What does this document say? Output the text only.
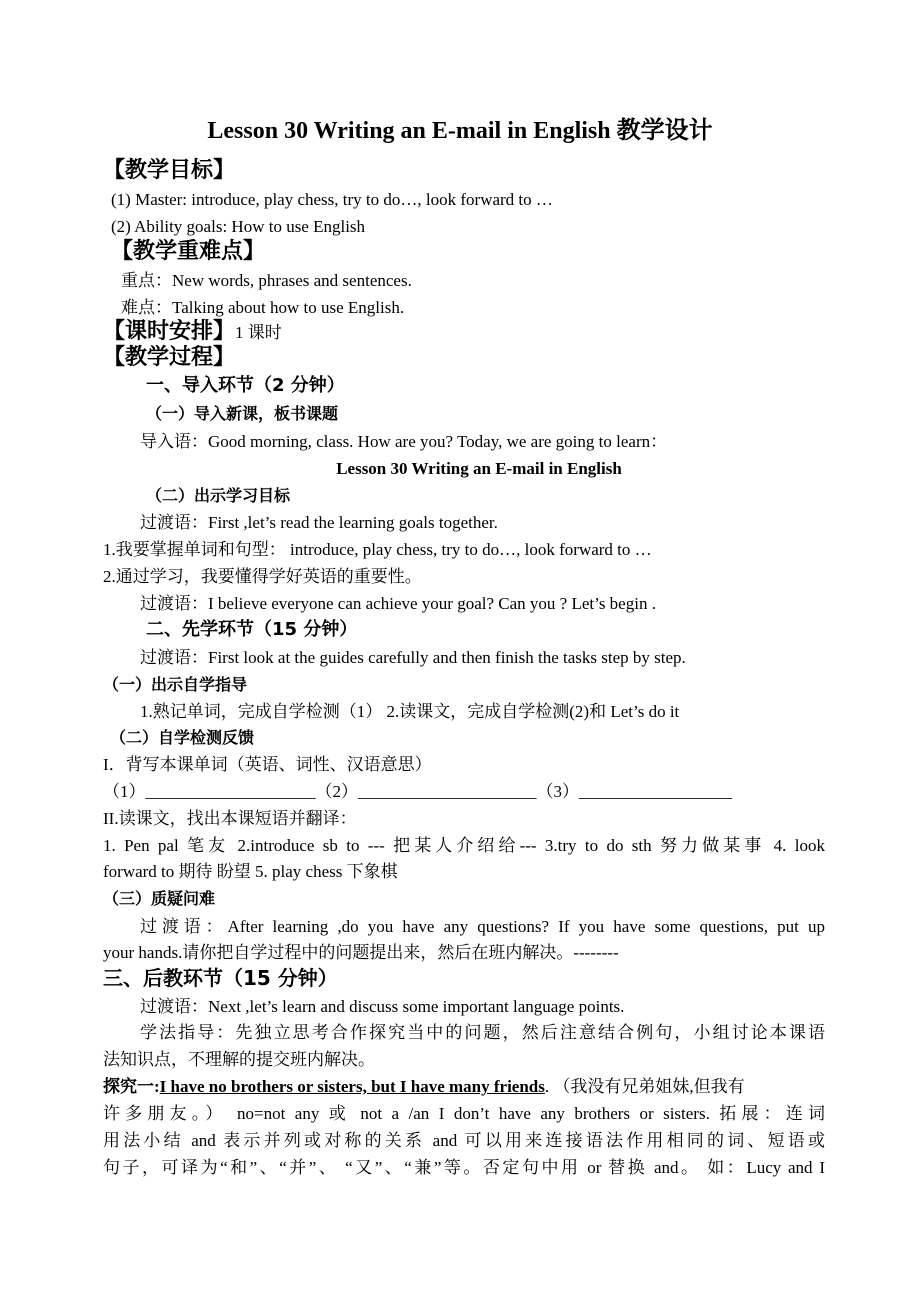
Lesson 30 Writing an E-mail in English 教学设计
【教学目标】
(1) Master: introduce, play chess, try to do…, look forward to …
(2) Ability goals: How to use English
【教学重难点】
重点：New words, phrases and sentences.
难点：Talking about how to use English.
【课时安排】1 课时
【教学过程】
一、导入环节（2 分钟）
（一）导入新课，板书课题
导入语：Good morning, class. How are you? Today, we are going to learn：
Lesson 30 Writing an E-mail in English
（二）出示学习目标
过渡语：First ,let’s read the learning goals together.
1.我要掌握单词和句型： introduce, play chess, try to do…, look forward to …
2.通过学习，我要懂得学好英语的重要性。
过渡语：I believe everyone can achieve your goal? Can you ? Let’s begin .
二、先学环节（15 分钟）
过渡语：First look at the guides carefully and then finish the tasks step by step.
（一）出示自学指导
1.熟记单词，完成自学检测（1） 2.读课文，完成自学检测(2)和 Let’s do it
（二）自学检测反馈
I．背写本课单词（英语、词性、汉语意思）
（1）____________________（2）_____________________（3）__________________
II.读课文，找出本课短语并翻译：
1. Pen pal 笔友 2.introduce sb to --- 把某人介绍给--- 3.try to do sth 努力做某事 4. look
forward to 期待 盼望 5. play chess 下象棋
（三）质疑问难
过渡语：After learning ,do you have any questions? If you have some questions, put up
your hands.请你把自学过程中的问题提出来，然后在班内解决。--------
三、后教环节（15 分钟）
过渡语：Next ,let’s learn and discuss some important language points.
学法指导：先独立思考合作探究当中的问题，然后注意结合例句，小组讨论本课语
法知识点，不理解的提交班内解决。
探究一:I have no brothers or sisters, but I have many friends. （我没有兄弟姐妹,但我有
许多朋友。） no=not any 或 not a /an I don’t have any brothers or sisters. 拓展：连词
用法小结 and 表示并列或对称的关系 and 可以用来连接语法作用相同的词、短语或
句子，可译为“和”、“并”、 “又”、“兼”等。否定句中用 or 替换 and。 如：Lucy and I
